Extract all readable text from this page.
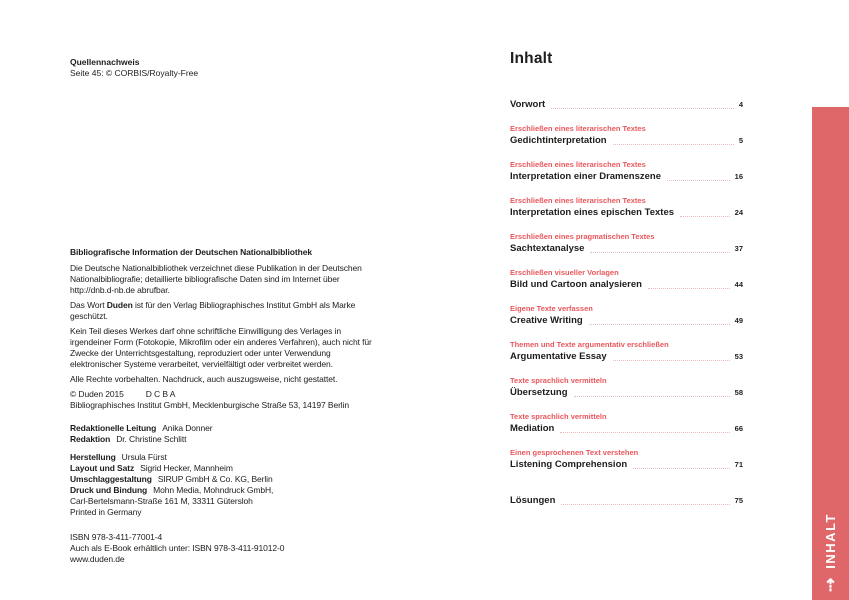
Quellennachweis
Seite 45: © CORBIS/Royalty-Free
Bibliografische Information der Deutschen Nationalbibliothek

Die Deutsche Nationalbibliothek verzeichnet diese Publikation in der Deutschen Nationalbibliografie; detaillierte bibliografische Daten sind im Internet über http://dnb.d-nb.de abrufbar.

Das Wort Duden ist für den Verlag Bibliographisches Institut GmbH als Marke geschützt.

Kein Teil dieses Werkes darf ohne schriftliche Einwilligung des Verlages in irgendeiner Form (Fotokopie, Mikrofilm oder ein anderes Verfahren), auch nicht für Zwecke der Unterrichtsgestaltung, reproduziert oder unter Verwendung elektronischer Systeme verarbeitet, vervielfältigt oder verbreitet werden.

Alle Rechte vorbehalten. Nachdruck, auch auszugsweise, nicht gestattet.

© Duden 2015	D C B A
Bibliographisches Institut GmbH, Mecklenburgische Straße 53, 14197 Berlin
Redaktionelle Leitung Anika Donner
Redaktion Dr. Christine Schlitt
Herstellung Ursula Fürst
Layout und Satz Sigrid Hecker, Mannheim
Umschlaggestaltung SIRUP GmbH & Co. KG, Berlin
Druck und Bindung Mohn Media, Mohndruck GmbH,
Carl-Bertelsmann-Straße 161 M, 33311 Gütersloh
Printed in Germany
ISBN 978-3-411-77001-4
Auch als E-Book erhältlich unter: ISBN 978-3-411-91012-0
www.duden.de
Inhalt
Vorwort	4
Erschließen eines literarischen Textes
Gedichtinterpretation	5
Erschließen eines literarischen Textes
Interpretation einer Dramenszene	16
Erschließen eines literarischen Textes
Interpretation eines epischen Textes	24
Erschließen eines pragmatischen Textes
Sachtextanalyse	37
Erschließen visueller Vorlagen
Bild und Cartoon analysieren	44
Eigene Texte verfassen
Creative Writing	49
Themen und Texte argumentativ erschließen
Argumentative Essay	53
Texte sprachlich vermitteln
Übersetzung	58
Texte sprachlich vermitteln
Mediation	66
Einen gesprochenen Text verstehen
Listening Comprehension	71
Lösungen	75
INHALT
⇡
